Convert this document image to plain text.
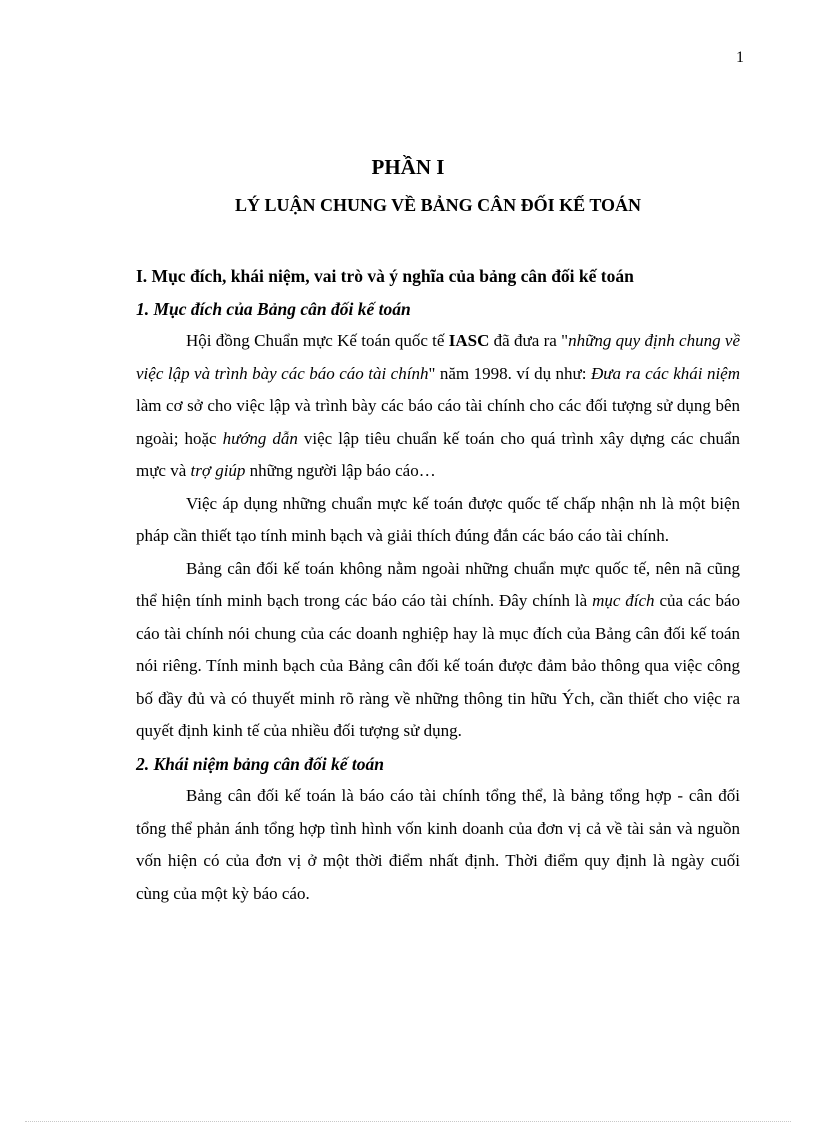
1
PHẦN I
LÝ LUẬN CHUNG VỀ BẢNG CÂN ĐỐI KẾ TOÁN
I. Mục đích, khái niệm, vai trò và ý nghĩa của bảng cân đối kế toán
1. Mục đích của Bảng cân đối kế toán

Hội đồng Chuẩn mực Kế toán quốc tế IASC đã đưa ra "những quy định chung về việc lập và trình bày các báo cáo tài chính" năm 1998. ví dụ như: Đưa ra các khái niệm làm cơ sở cho việc lập và trình bày các báo cáo tài chính cho các đối tượng sử dụng bên ngoài; hoặc hướng dẫn việc lập tiêu chuẩn kế toán cho quá trình xây dựng các chuẩn mực và trợ giúp những người lập báo cáo…

Việc áp dụng những chuẩn mực kế toán được quốc tế chấp nhận nh là một biện pháp cần thiết tạo tính minh bạch và giải thích đúng đắn các báo cáo tài chính.

Bảng cân đối kế toán không nằm ngoài những chuẩn mực quốc tế, nên nã cũng thể hiện tính minh bạch trong các báo cáo tài chính. Đây chính là mục đích của các báo cáo tài chính nói chung của các doanh nghiệp hay là mục đích của Bảng cân đối kế toán nói riêng. Tính minh bạch của Bảng cân đối kế toán được đảm bảo thông qua việc công bố đầy đủ và có thuyết minh rõ ràng về những thông tin hữu Ých, cần thiết cho việc ra quyết định kinh tế của nhiều đối tượng sử dụng.

2. Khái niệm bảng cân đối kế toán

Bảng cân đối kế toán là báo cáo tài chính tổng thể, là bảng tổng hợp - cân đối tổng thể phản ánh tổng hợp tình hình vốn kinh doanh của đơn vị cả về tài sản và nguồn vốn hiện có của đơn vị ở một thời điểm nhất định. Thời điểm quy định là ngày cuối cùng của một kỳ báo cáo.
